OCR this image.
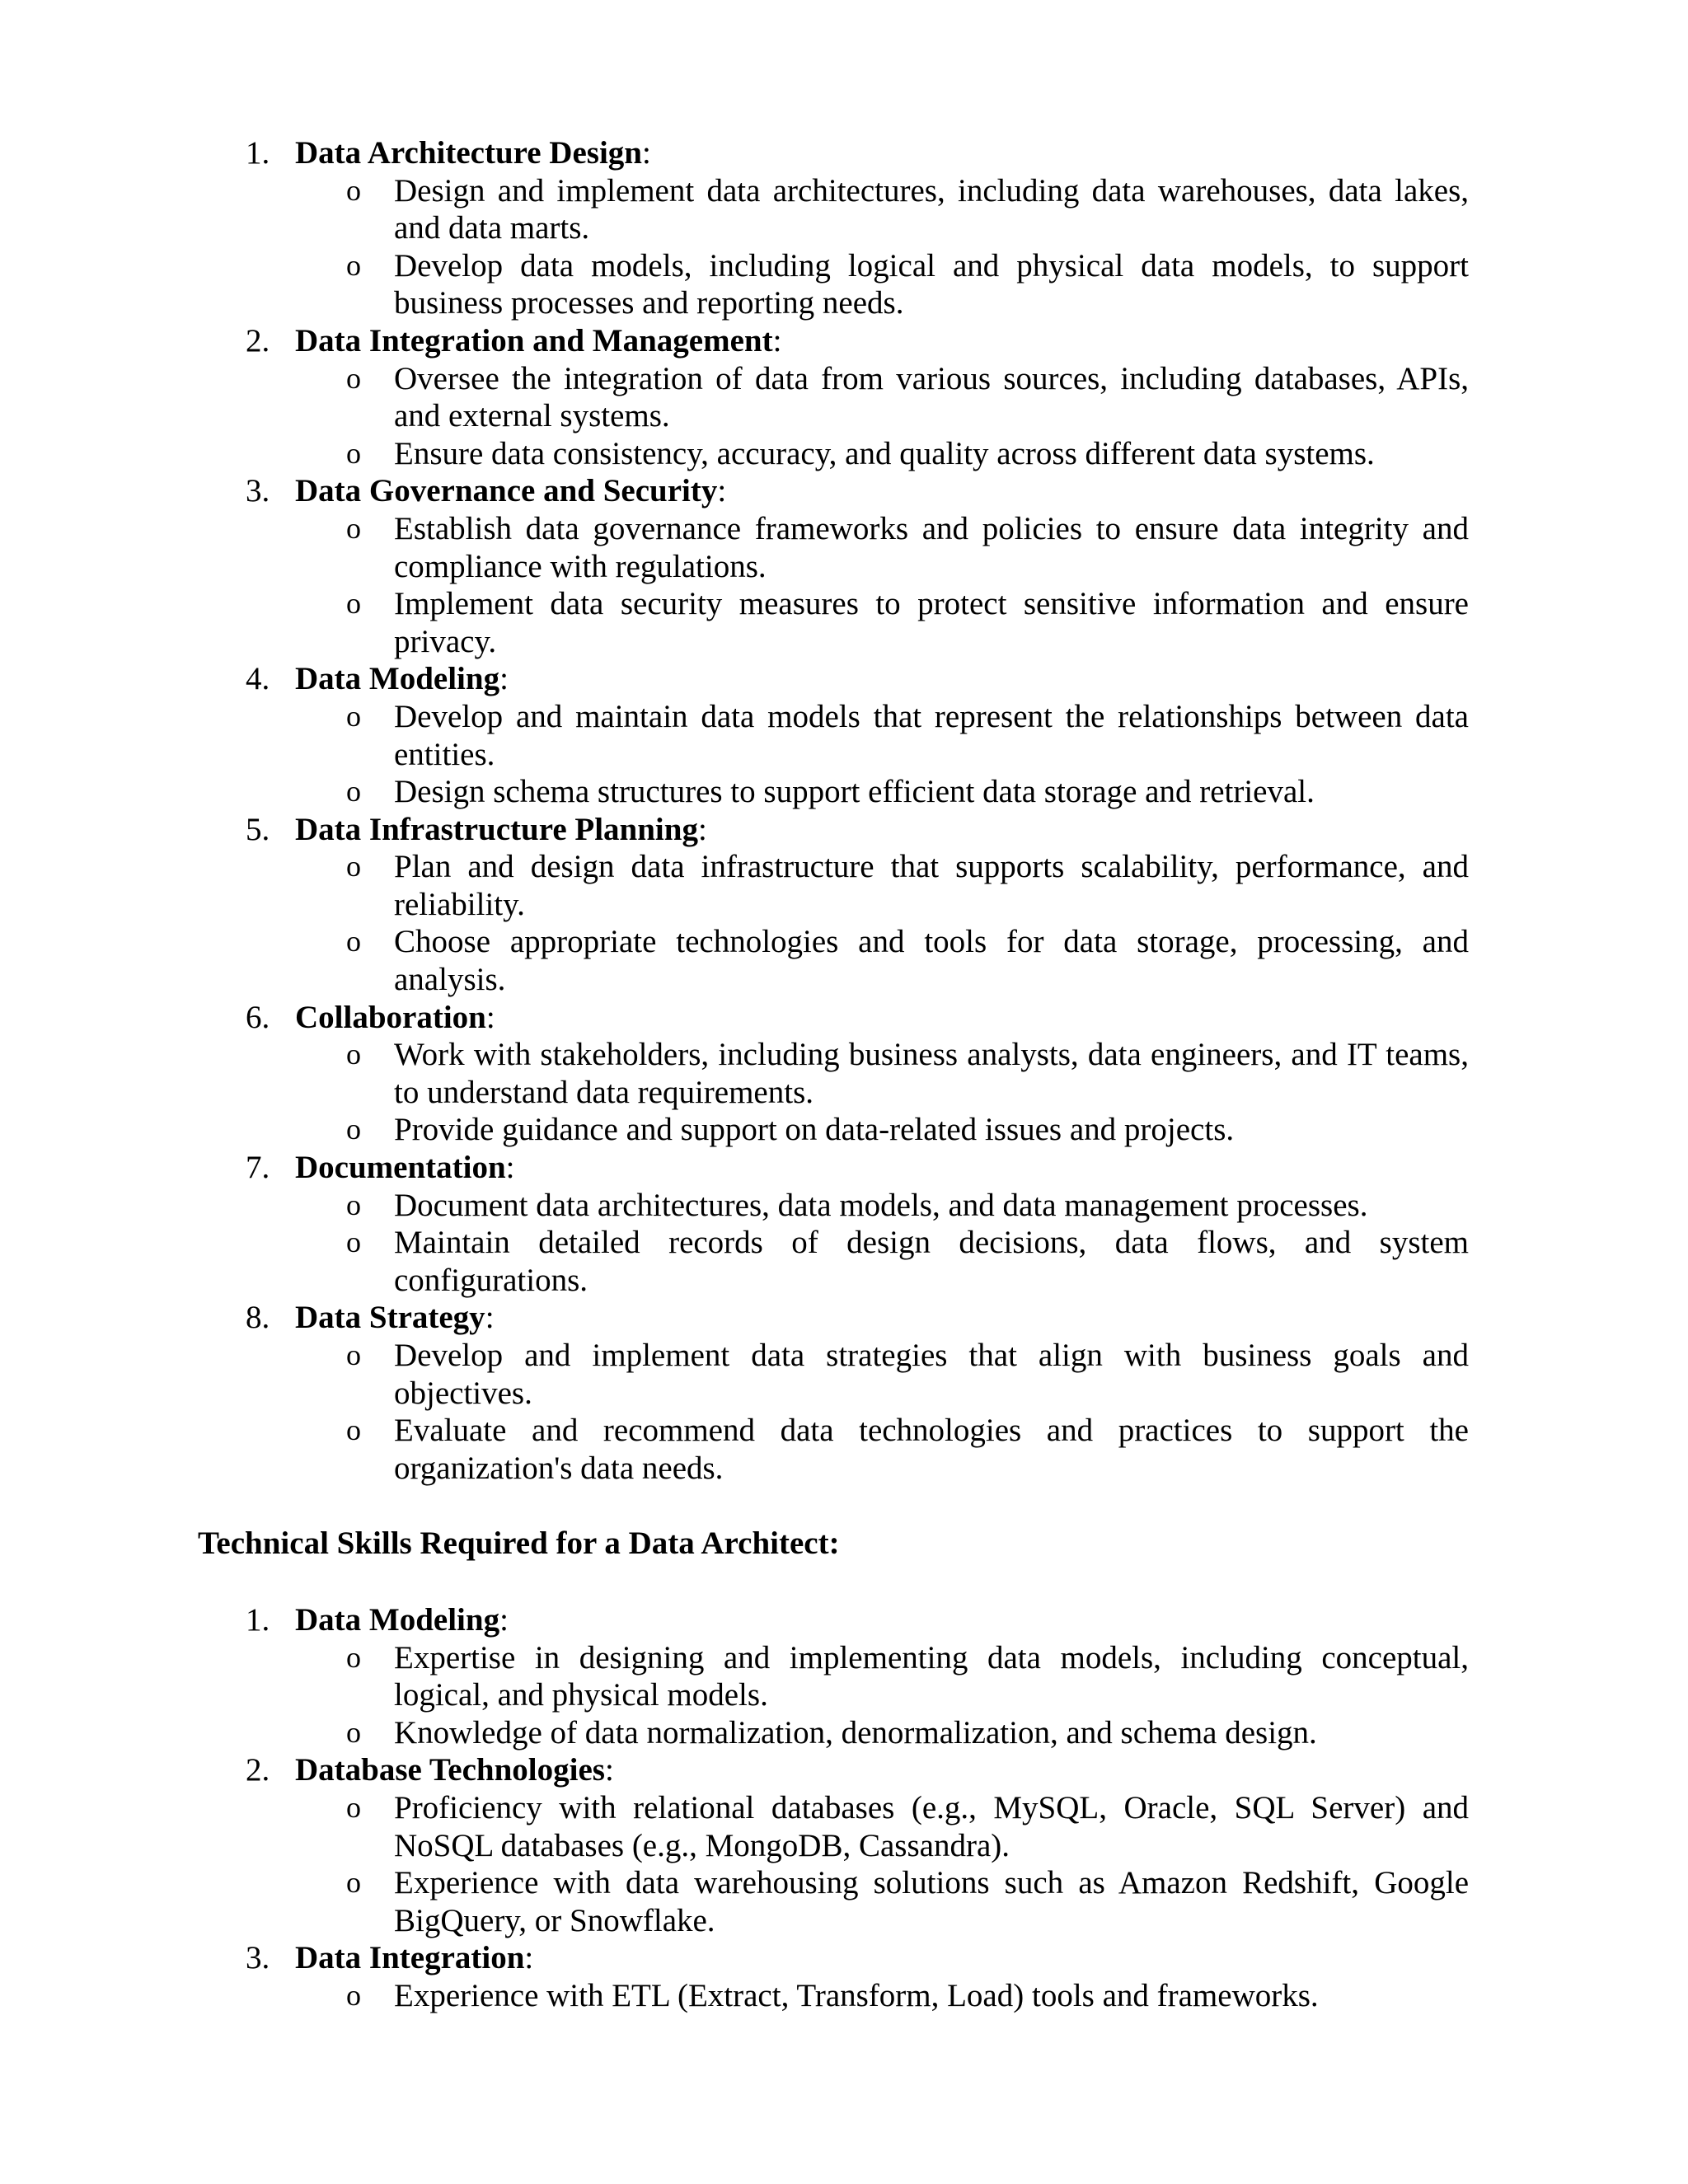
1. Data Architecture Design:
o Design and implement data architectures, including data warehouses, data lakes, and data marts.
o Develop data models, including logical and physical data models, to support business processes and reporting needs.
2. Data Integration and Management:
o Oversee the integration of data from various sources, including databases, APIs, and external systems.
o Ensure data consistency, accuracy, and quality across different data systems.
3. Data Governance and Security:
o Establish data governance frameworks and policies to ensure data integrity and compliance with regulations.
o Implement data security measures to protect sensitive information and ensure privacy.
4. Data Modeling:
o Develop and maintain data models that represent the relationships between data entities.
o Design schema structures to support efficient data storage and retrieval.
5. Data Infrastructure Planning:
o Plan and design data infrastructure that supports scalability, performance, and reliability.
o Choose appropriate technologies and tools for data storage, processing, and analysis.
6. Collaboration:
o Work with stakeholders, including business analysts, data engineers, and IT teams, to understand data requirements.
o Provide guidance and support on data-related issues and projects.
7. Documentation:
o Document data architectures, data models, and data management processes.
o Maintain detailed records of design decisions, data flows, and system configurations.
8. Data Strategy:
o Develop and implement data strategies that align with business goals and objectives.
o Evaluate and recommend data technologies and practices to support the organization's data needs.
Technical Skills Required for a Data Architect:
1. Data Modeling:
o Expertise in designing and implementing data models, including conceptual, logical, and physical models.
o Knowledge of data normalization, denormalization, and schema design.
2. Database Technologies:
o Proficiency with relational databases (e.g., MySQL, Oracle, SQL Server) and NoSQL databases (e.g., MongoDB, Cassandra).
o Experience with data warehousing solutions such as Amazon Redshift, Google BigQuery, or Snowflake.
3. Data Integration:
o Experience with ETL (Extract, Transform, Load) tools and frameworks.
